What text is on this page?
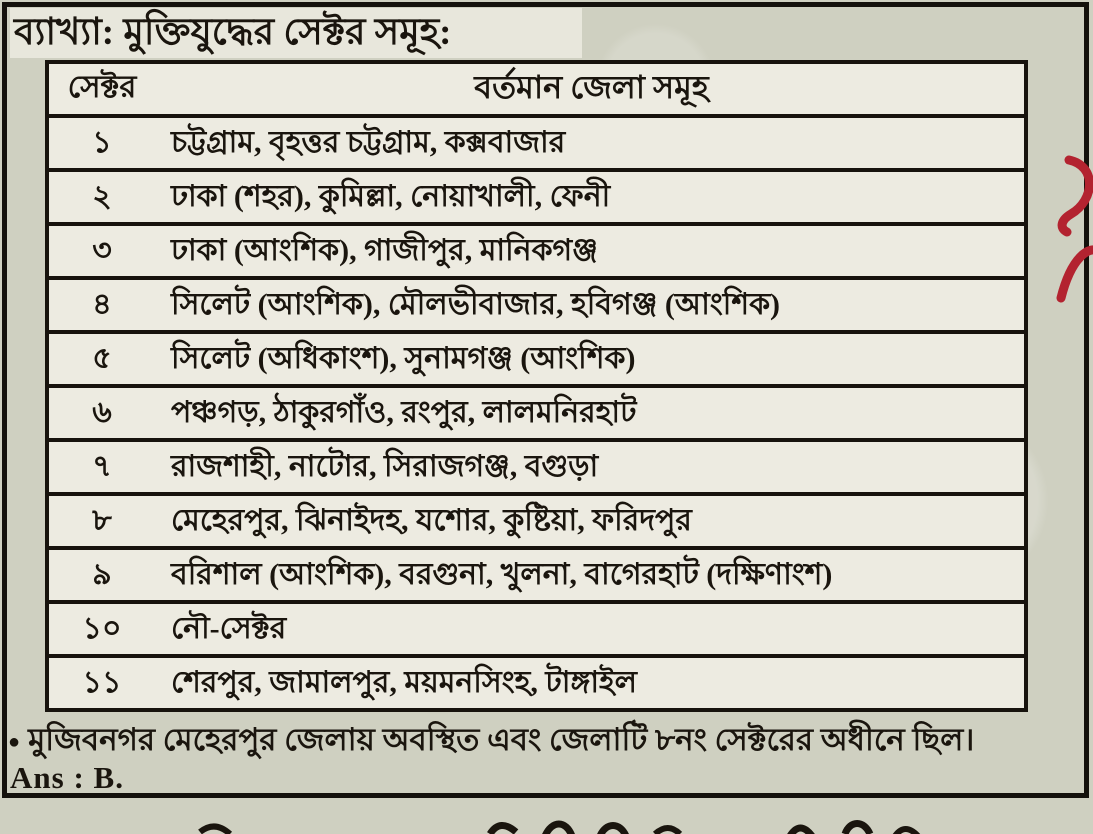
ব্যাখ্যা: মুক্তিযুদ্ধের সেক্টর সমূহ:
সেক্টর	বর্তমান জেলা সমূহ
১	চট্টগ্রাম, বৃহত্তর চট্টগ্রাম, কক্সবাজার
২	ঢাকা (শহর), কুমিল্লা, নোয়াখালী, ফেনী
৩	ঢাকা (আংশিক), গাজীপুর, মানিকগঞ্জ
৪	সিলেট (আংশিক), মৌলভীবাজার, হবিগঞ্জ (আংশিক)
৫	সিলেট (অধিকাংশ), সুনামগঞ্জ (আংশিক)
৬	পঞ্চগড়, ঠাকুরগাঁও, রংপুর, লালমনিরহাট
৭	রাজশাহী, নাটোর, সিরাজগঞ্জ, বগুড়া
৮	মেহেরপুর, ঝিনাইদহ, যশোর, কুষ্টিয়া, ফরিদপুর
৯	বরিশাল (আংশিক), বরগুনা, খুলনা, বাগেরহাট (দক্ষিণাংশ)
১০	নৌ-সেক্টর
১১	শেরপুর, জামালপুর, ময়মনসিংহ, টাঙ্গাইল
● মুজিবনগর মেহেরপুর জেলায় অবস্থিত এবং জেলাটি ৮নং সেক্টরের অধীনে ছিল।
Ans : B.
